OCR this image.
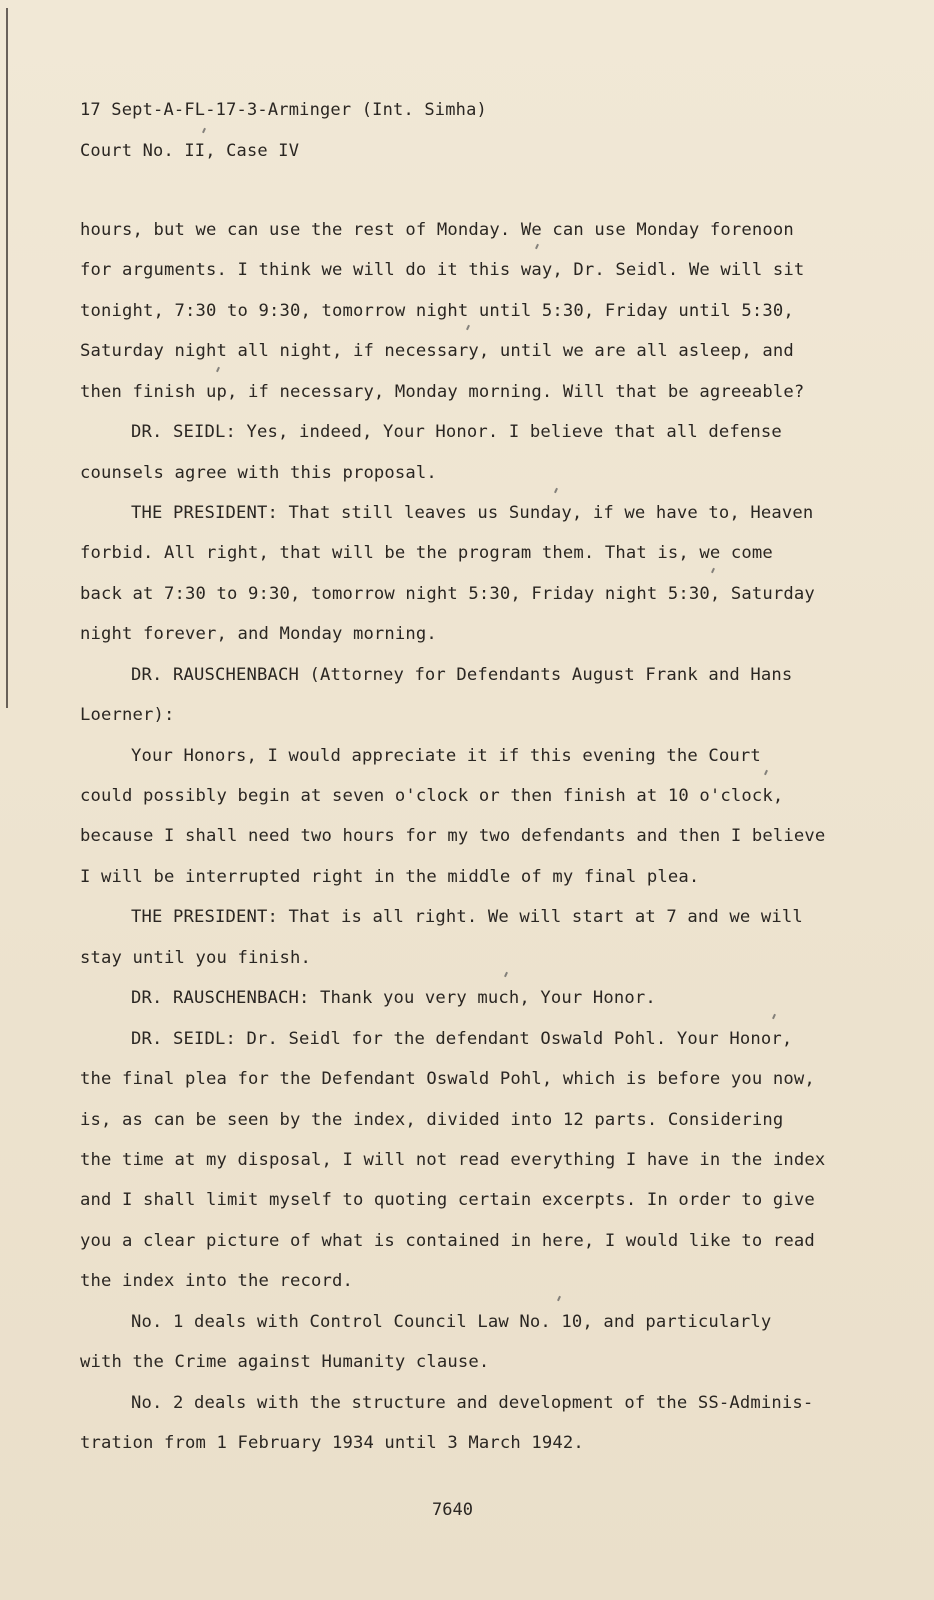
17 Sept-A-FL-17-3-Arminger (Int. Simha)
Court No. II, Case IV
hours, but we can use the rest of Monday. We can use Monday forenoon
for arguments. I think we will do it this way, Dr. Seidl. We will sit
tonight, 7:30 to 9:30, tomorrow night until 5:30, Friday until 5:30,
Saturday night all night, if necessary, until we are all asleep, and
then finish up, if necessary, Monday morning. Will that be agreeable?
DR. SEIDL: Yes, indeed, Your Honor. I believe that all defense
counsels agree with this proposal.
THE PRESIDENT: That still leaves us Sunday, if we have to, Heaven
forbid. All right, that will be the program them. That is, we come
back at 7:30 to 9:30, tomorrow night 5:30, Friday night 5:30, Saturday
night forever, and Monday morning.
DR. RAUSCHENBACH (Attorney for Defendants August Frank and Hans
Loerner):
Your Honors, I would appreciate it if this evening the Court
could possibly begin at seven o'clock or then finish at 10 o'clock,
because I shall need two hours for my two defendants and then I believe
I will be interrupted right in the middle of my final plea.
THE PRESIDENT: That is all right. We will start at 7 and we will
stay until you finish.
DR. RAUSCHENBACH: Thank you very much, Your Honor.
DR. SEIDL: Dr. Seidl for the defendant Oswald Pohl. Your Honor,
the final plea for the Defendant Oswald Pohl, which is before you now,
is, as can be seen by the index, divided into 12 parts. Considering
the time at my disposal, I will not read everything I have in the index
and I shall limit myself to quoting certain excerpts. In order to give
you a clear picture of what is contained in here, I would like to read
the index into the record.
No. 1 deals with Control Council Law No. 10, and particularly
with the Crime against Humanity clause.
No. 2 deals with the structure and development of the SS-Adminis-
tration from 1 February 1934 until 3 March 1942.
7640
